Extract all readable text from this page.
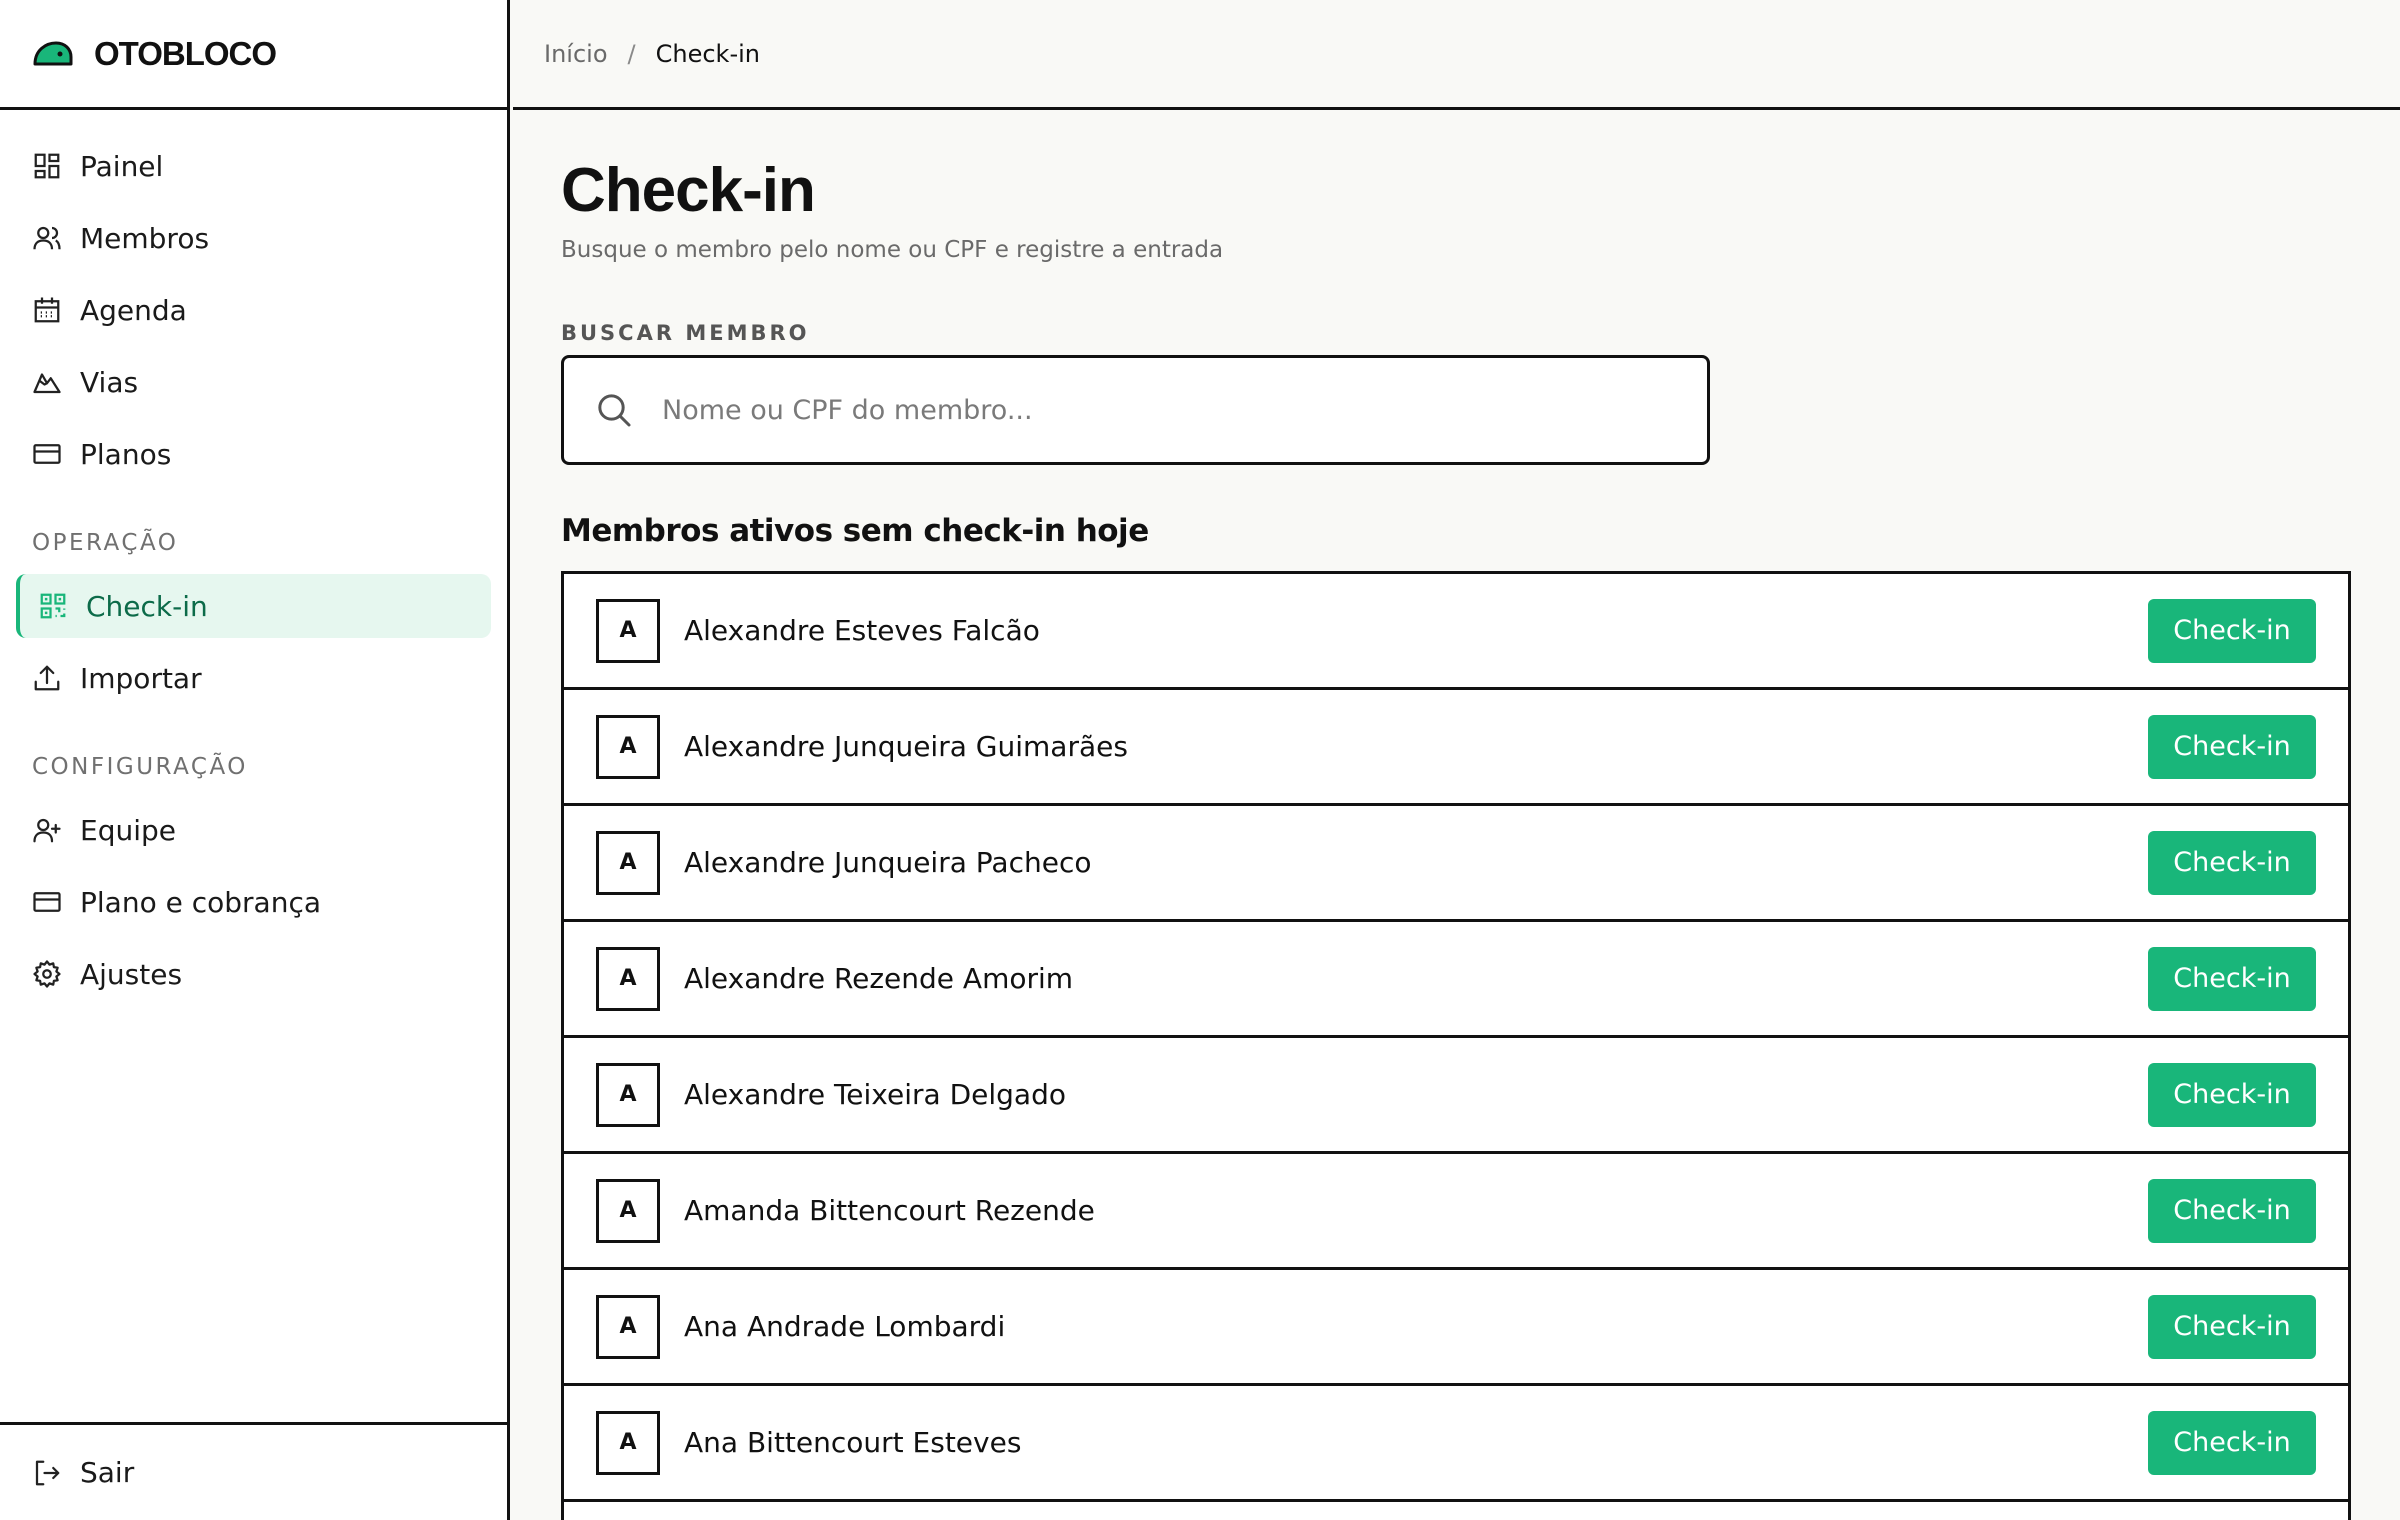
OTOBLOCO
Painel
Membros
Agenda
Vias
Planos
OPERAÇÃO
Check-in
Importar
CONFIGURAÇÃO
Equipe
Plano e cobrança
Ajustes
Sair
Início / Check-in
Check-in

Busque o membro pelo nome ou CPF e registre a entrada

BUSCAR MEMBRO
Nome ou CPF do membro...
Membros ativos sem check-in hoje
A	Alexandre Esteves Falcão	Check-in
A	Alexandre Junqueira Guimarães	Check-in
A	Alexandre Junqueira Pacheco	Check-in
A	Alexandre Rezende Amorim	Check-in
A	Alexandre Teixeira Delgado	Check-in
A	Amanda Bittencourt Rezende	Check-in
A	Ana Andrade Lombardi	Check-in
A	Ana Bittencourt Esteves	Check-in
